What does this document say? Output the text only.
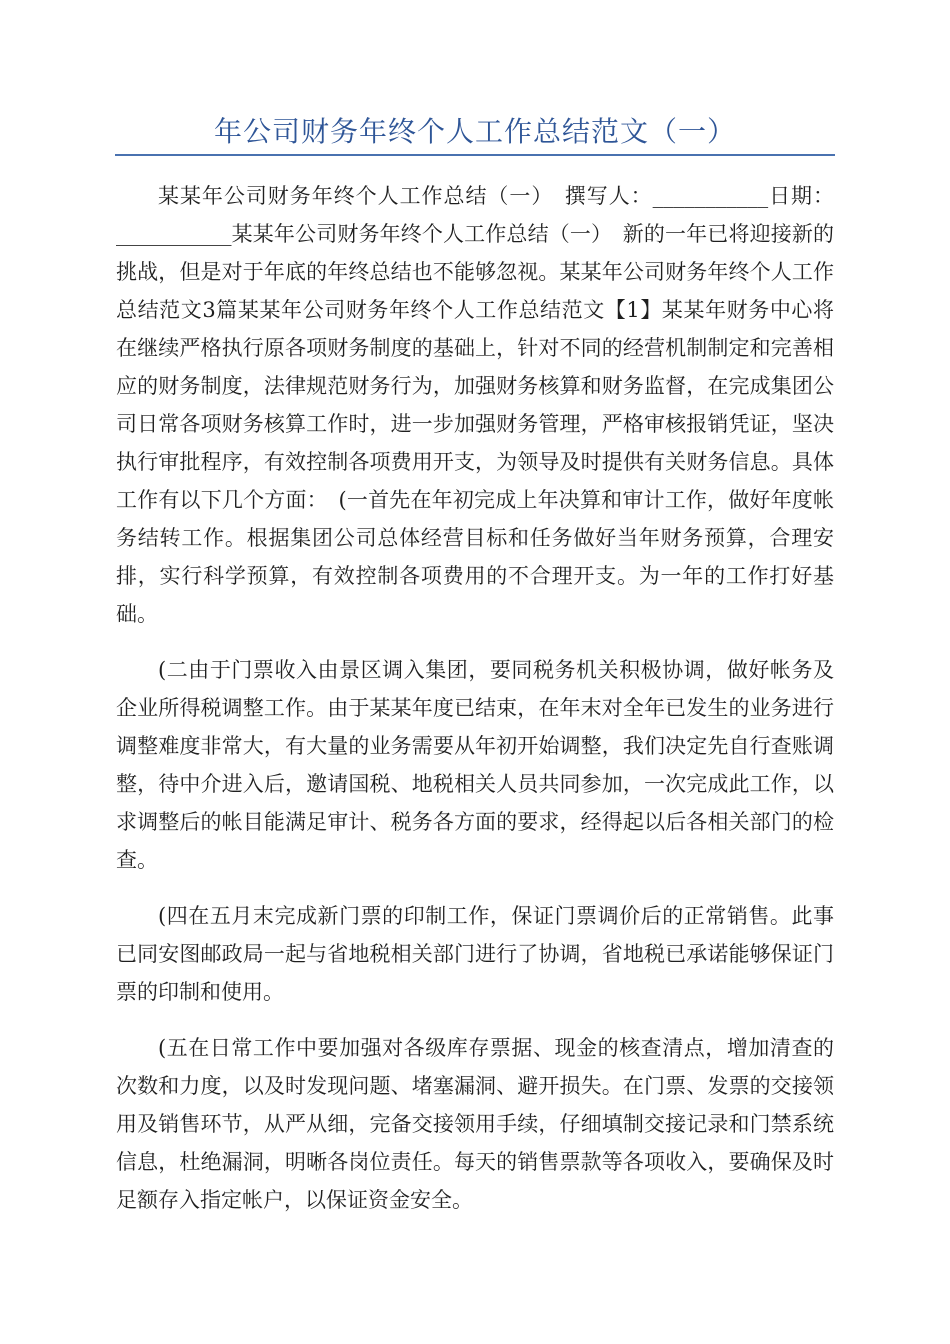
年公司财务年终个人工作总结范文（一）

某某年公司财务年终个人工作总结（一）　撰写人：___________日期：___________某某年公司财务年终个人工作总结（一）　新的一年已将迎接新的挑战，但是对于年底的年终总结也不能够忽视。某某年公司财务年终个人工作总结范文3篇某某年公司财务年终个人工作总结范文【1】某某年财务中心将在继续严格执行原各项财务制度的基础上，针对不同的经营机制制定和完善相应的财务制度，法律规范财务行为，加强财务核算和财务监督，在完成集团公司日常各项财务核算工作时，进一步加强财务管理，严格审核报销凭证，坚决执行审批程序，有效控制各项费用开支，为领导及时提供有关财务信息。具体工作有以下几个方面：　(一首先在年初完成上年决算和审计工作，做好年度帐务结转工作。根据集团公司总体经营目标和任务做好当年财务预算，合理安排，实行科学预算，有效控制各项费用的不合理开支。为一年的工作打好基础。

(二由于门票收入由景区调入集团，要同税务机关积极协调，做好帐务及企业所得税调整工作。由于某某年度已结束，在年末对全年已发生的业务进行调整难度非常大，有大量的业务需要从年初开始调整，我们决定先自行查账调整，待中介进入后，邀请国税、地税相关人员共同参加，一次完成此工作，以求调整后的帐目能满足审计、税务各方面的要求，经得起以后各相关部门的检查。

(四在五月末完成新门票的印制工作，保证门票调价后的正常销售。此事已同安图邮政局一起与省地税相关部门进行了协调，省地税已承诺能够保证门票的印制和使用。

(五在日常工作中要加强对各级库存票据、现金的核查清点，增加清查的次数和力度，以及时发现问题、堵塞漏洞、避开损失。在门票、发票的交接领用及销售环节，从严从细，完备交接领用手续，仔细填制交接记录和门禁系统信息，杜绝漏洞，明晰各岗位责任。每天的销售票款等各项收入，要确保及时足额存入指定帐户，以保证资金安全。
